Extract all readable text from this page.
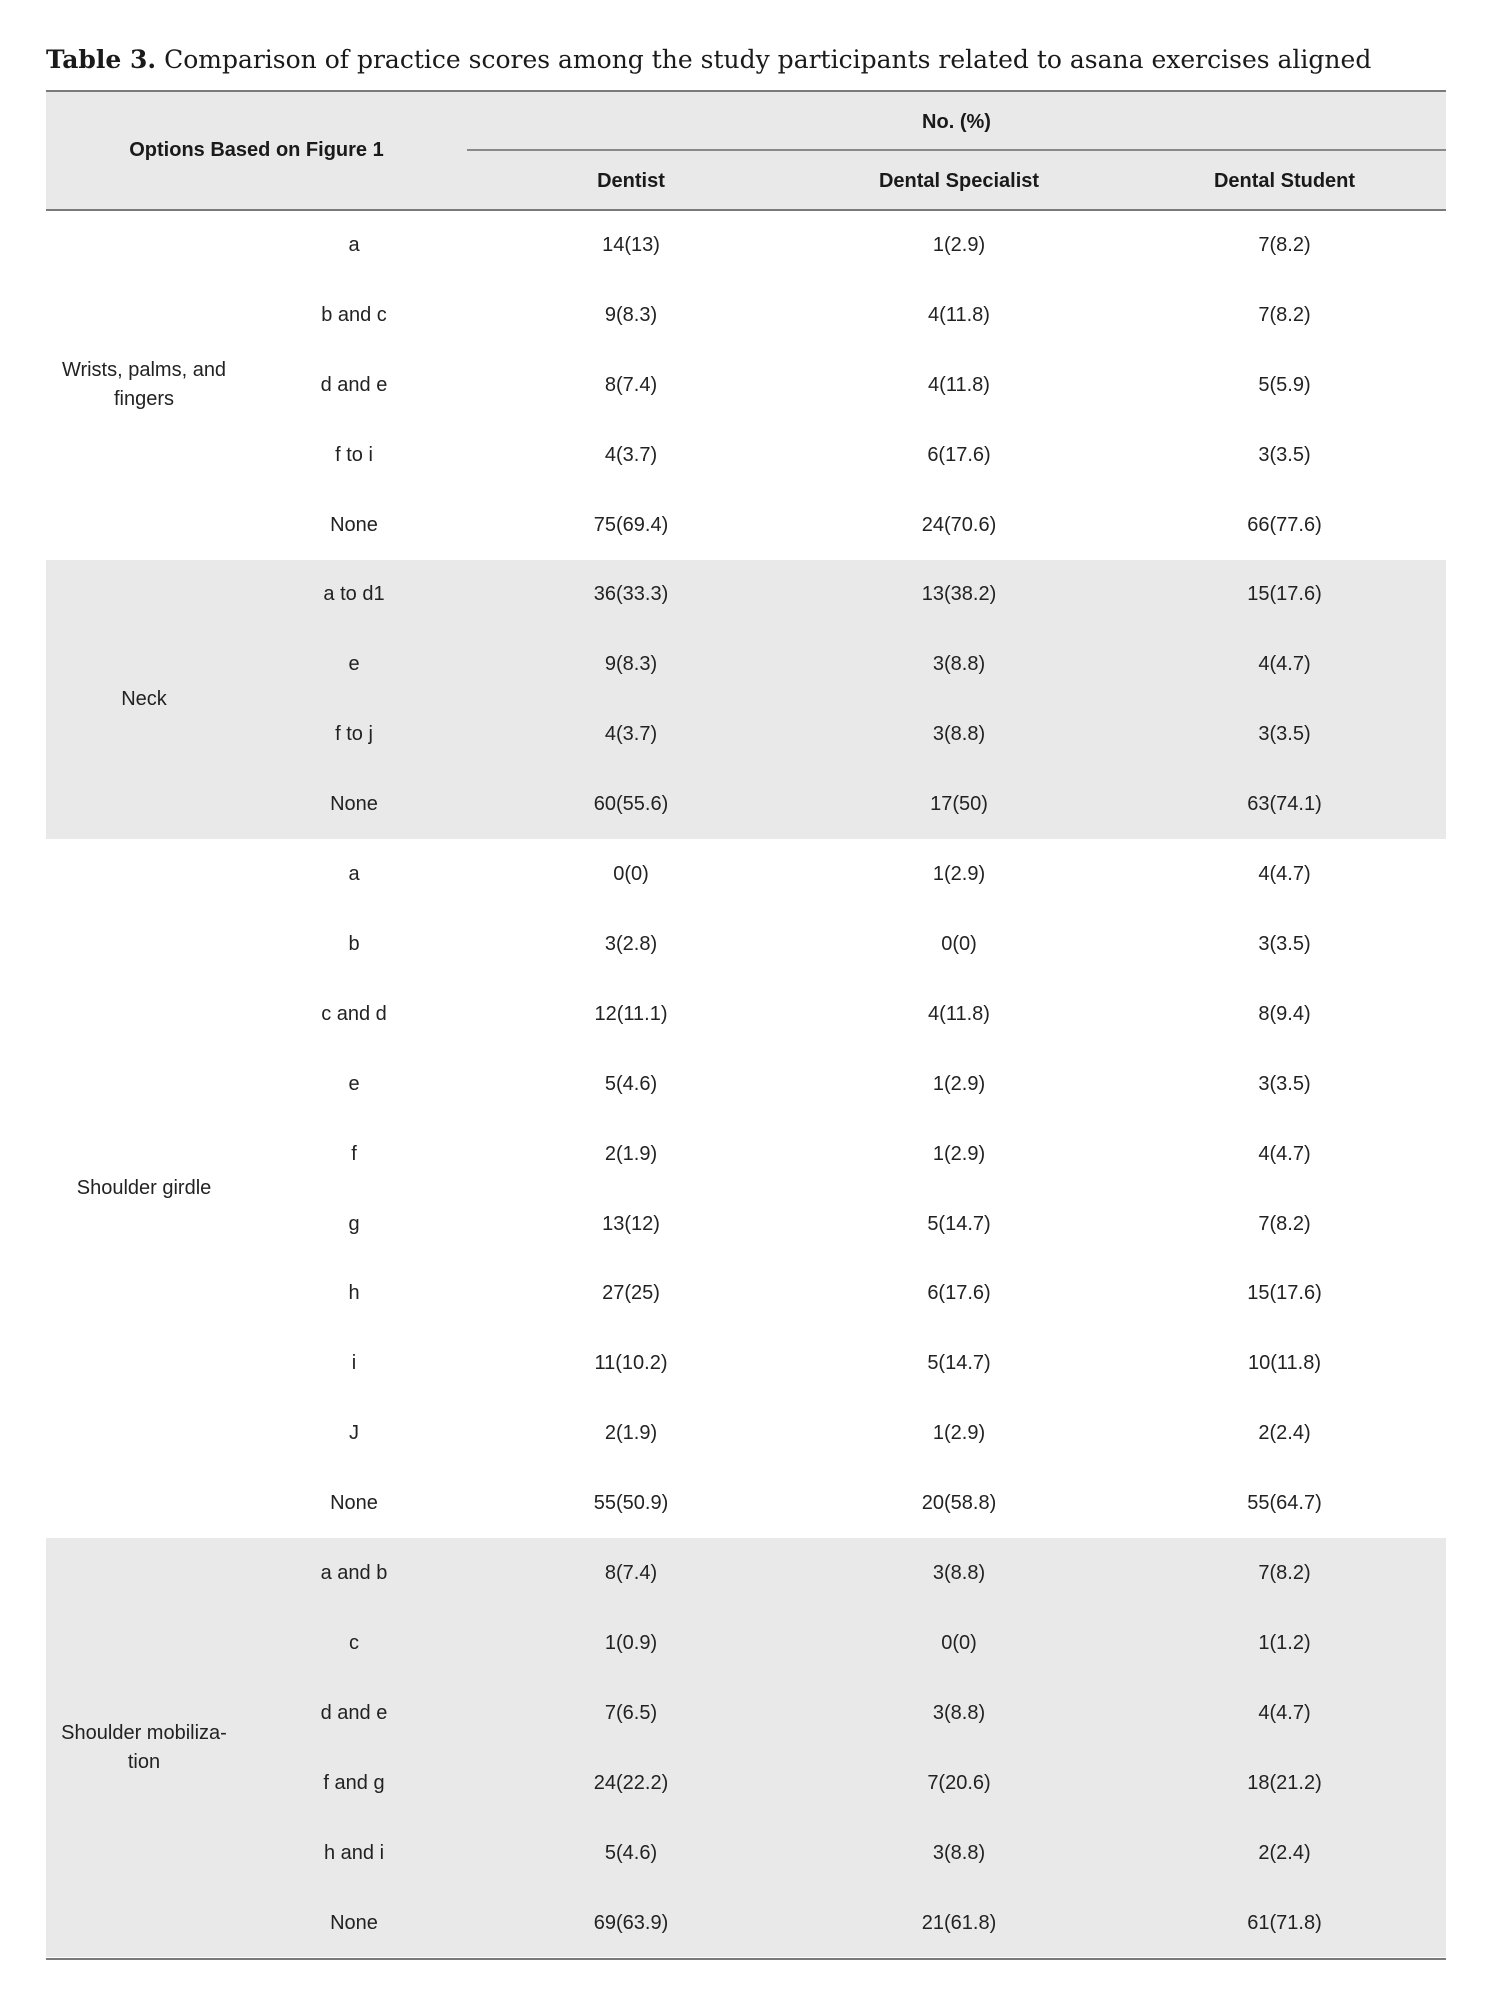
Table 3. Comparison of practice scores among the study participants related to asana exercises aligned
Options Based on Figure 1
No. (%)
Dentist	Dental Specialist	Dental Student
Wrists, palms, and
fingers
a	14(13)	1(2.9)	7(8.2)
b and c	9(8.3)	4(11.8)	7(8.2)
d and e	8(7.4)	4(11.8)	5(5.9)
f to i	4(3.7)	6(17.6)	3(3.5)
None	75(69.4)	24(70.6)	66(77.6)
Neck
a to d1	36(33.3)	13(38.2)	15(17.6)
e	9(8.3)	3(8.8)	4(4.7)
f to j	4(3.7)	3(8.8)	3(3.5)
None	60(55.6)	17(50)	63(74.1)
Shoulder girdle
a	0(0)	1(2.9)	4(4.7)
b	3(2.8)	0(0)	3(3.5)
c and d	12(11.1)	4(11.8)	8(9.4)
e	5(4.6)	1(2.9)	3(3.5)
f	2(1.9)	1(2.9)	4(4.7)
g	13(12)	5(14.7)	7(8.2)
h	27(25)	6(17.6)	15(17.6)
i	11(10.2)	5(14.7)	10(11.8)
J	2(1.9)	1(2.9)	2(2.4)
None	55(50.9)	20(58.8)	55(64.7)
Shoulder mobiliza-
tion
a and b	8(7.4)	3(8.8)	7(8.2)
c	1(0.9)	0(0)	1(1.2)
d and e	7(6.5)	3(8.8)	4(4.7)
f and g	24(22.2)	7(20.6)	18(21.2)
h and i	5(4.6)	3(8.8)	2(2.4)
None	69(63.9)	21(61.8)	61(71.8)
